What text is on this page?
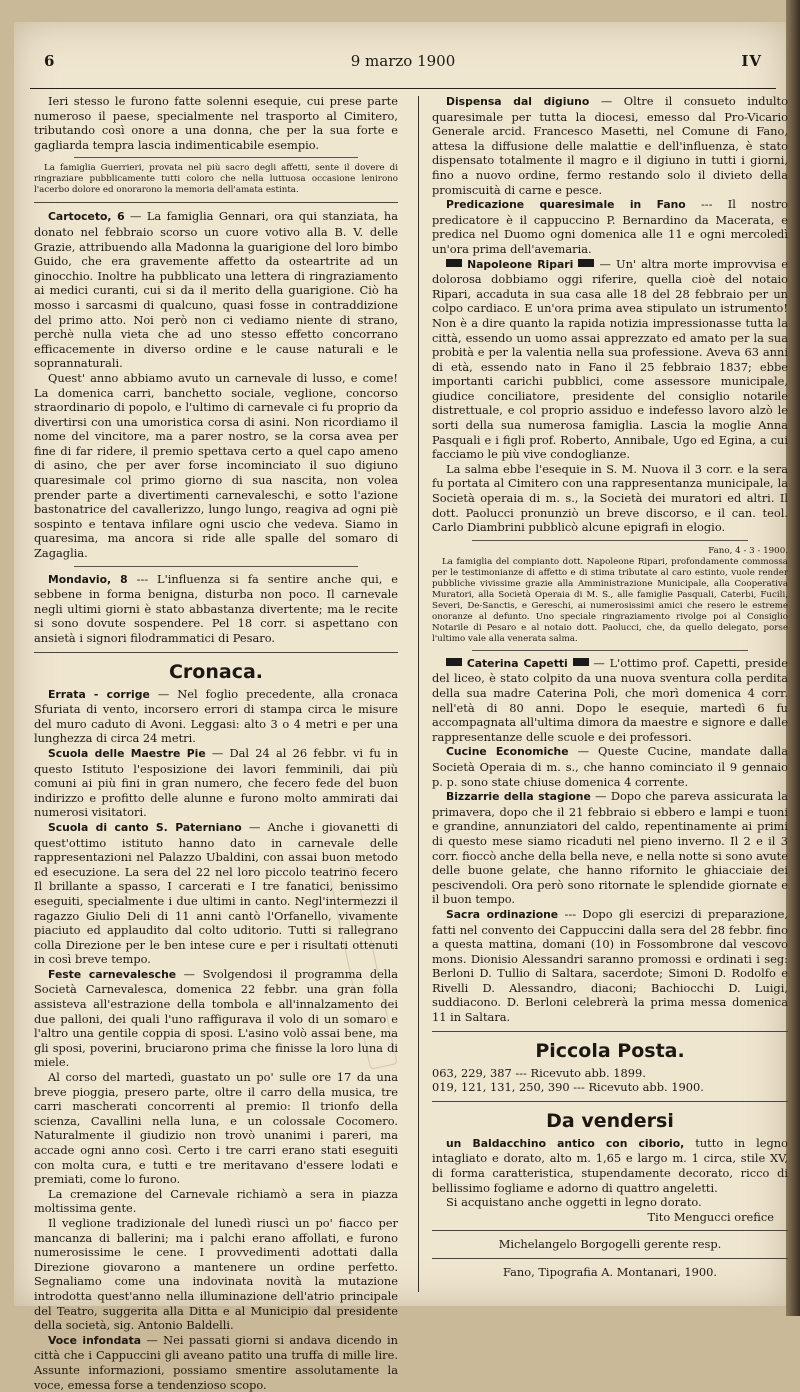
6	9 marzo 1900	IV

Ieri stesso le furono fatte solenni esequie, cui prese parte numeroso il paese, specialmente nel trasporto al Cimitero, tributando così onore a una donna, che per la sua forte e gagliarda tempra lascia indimenticabile esempio.

La famiglia Guerrieri, provata nel più sacro degli affetti, sente il dovere di ringraziare pubblicamente tutti coloro che nella luttuosa occasione lenirono l'acerbo dolore ed onorarono la memoria dell'amata estinta.

Cartoceto, 6 — La famiglia Gennari, ora qui stanziata, ha donato nel febbraio scorso un cuore votivo alla B. V. delle Grazie, attribuendo alla Madonna la guarigione del loro bimbo Guido, che era gravemente affetto da osteartrite ad un ginocchio. Inoltre ha pubblicato una lettera di ringraziamento ai medici curanti, cui si da il merito della guarigione. Ciò ha mosso i sarcasmi di qualcuno, quasi fosse in contraddizione del primo atto. Noi però non ci vediamo niente di strano, perchè nulla vieta che ad uno stesso effetto concorrano efficacemente in diverso ordine e le cause naturali e le soprannaturali.

Quest' anno abbiamo avuto un carnevale di lusso, e come! La domenica carri, banchetto sociale, veglione, concorso straordinario di popolo, e l'ultimo di carnevale ci fu proprio da divertirsi con una umoristica corsa di asini. Non ricordiamo il nome del vincitore, ma a parer nostro, se la corsa avea per fine di far ridere, il premio spettava certo a quel capo ameno di asino, che per aver forse incominciato il suo digiuno quaresimale col primo giorno di sua nascita, non volea prender parte a divertimenti carnevaleschi, e sotto l'azione bastonatrice del cavallerizzo, lungo lungo, reagiva ad ogni piè sospinto e tentava infilare ogni uscio che vedeva. Siamo in quaresima, ma ancora si ride alle spalle del somaro di Zagaglia.

Mondavio, 8 --- L'influenza si fa sentire anche qui, e sebbene in forma benigna, disturba non poco. Il carnevale negli ultimi giorni è stato abbastanza divertente; ma le recite si sono dovute sospendere. Pel 18 corr. si aspettano con ansietà i signori filodrammatici di Pesaro.

Cronaca.

Errata - corrige — Nel foglio precedente, alla cronaca Sfuriata di vento, incorsero errori di stampa circa le misure del muro caduto di Avoni. Leggasi: alto 3 o 4 metri e per una lunghezza di circa 24 metri.

Scuola delle Maestre Pie — Dal 24 al 26 febbr. vi fu in questo Istituto l'esposizione dei lavori femminili, dai più comuni ai più fini in gran numero, che fecero fede del buon indirizzo e profitto delle alunne e furono molto ammirati dai numerosi visitatori.

Scuola di canto S. Paterniano — Anche i giovanetti di quest'ottimo istituto hanno dato in carnevale delle rappresentazioni nel Palazzo Ubaldini, con assai buon metodo ed esecuzione. La sera del 22 nel loro piccolo teatrino fecero Il brillante a spasso, I carcerati e I tre fanatici, benissimo eseguiti, specialmente i due ultimi in canto. Negl'intermezzi il ragazzo Giulio Deli di 11 anni cantò l'Orfanello, vivamente piaciuto ed applaudito dal colto uditorio. Tutti si rallegrano colla Direzione per le ben intese cure e per i risultati ottenuti in così breve tempo.

Feste carnevalesche — Svolgendosi il programma della Società Carnevalesca, domenica 22 febbr. una gran folla assisteva all'estrazione della tombola e all'innalzamento dei due palloni, dei quali l'uno raffigurava il volo di un somaro e l'altro una gentile coppia di sposi. L'asino volò assai bene, ma gli sposi, poverini, bruciarono prima che finisse la loro luna di miele.

Al corso del martedì, guastato un po' sulle ore 17 da una breve pioggia, presero parte, oltre il carro della musica, tre carri mascherati concorrenti al premio: Il trionfo della scienza, Cavallini nella luna, e un colossale Cocomero. Naturalmente il giudizio non trovò unanimi i pareri, ma accade ogni anno così. Certo i tre carri erano stati eseguiti con molta cura, e tutti e tre meritavano d'essere lodati e premiati, come lo furono.

La cremazione del Carnevale richiamò a sera in piazza moltissima gente.

Il veglione tradizionale del lunedì riuscì un po' fiacco per mancanza di ballerini; ma i palchi erano affollati, e furono numerosissime le cene. I provvedimenti adottati dalla Direzione giovarono a mantenere un ordine perfetto. Segnaliamo come una indovinata novità la mutazione introdotta quest'anno nella illuminazione dell'atrio principale del Teatro, suggerita alla Ditta e al Municipio dal presidente della società, sig. Antonio Baldelli.

Voce infondata — Nei passati giorni si andava dicendo in città che i Cappuccini gli aveano patito una truffa di mille lire. Assunte informazioni, possiamo smentire assolutamente la voce, emessa forse a tendenzioso scopo.

Dispensa dal digiuno — Oltre il consueto indulto quaresimale per tutta la diocesi, emesso dal Pro-Vicario Generale arcid. Francesco Masetti, nel Comune di Fano, attesa la diffusione delle malattie e dell'influenza, è stato dispensato totalmente il magro e il digiuno in tutti i giorni, fino a nuovo ordine, fermo restando solo il divieto della promiscuità di carne e pesce.

Predicazione quaresimale in Fano --- Il nostro predicatore è il cappuccino P. Bernardino da Macerata, e predica nel Duomo ogni domenica alle 11 e ogni mercoledì un'ora prima dell'avemaria.

Napoleone Ripari — Un' altra morte improvvisa e dolorosa dobbiamo oggi riferire, quella cioè del notaio Ripari, accaduta in sua casa alle 18 del 28 febbraio per un colpo cardiaco. E un'ora prima avea stipulato un istrumento! Non è a dire quanto la rapida notizia impressionasse tutta la città, essendo un uomo assai apprezzato ed amato per la sua probità e per la valentia nella sua professione. Aveva 63 anni di età, essendo nato in Fano il 25 febbraio 1837; ebbe importanti carichi pubblici, come assessore municipale, giudice conciliatore, presidente del consiglio notarile distrettuale, e col proprio assiduo e indefesso lavoro alzò le sorti della sua numerosa famiglia. Lascia la moglie Anna Pasquali e i figli prof. Roberto, Annibale, Ugo ed Egina, a cui facciamo le più vive condoglianze.

La salma ebbe l'esequie in S. M. Nuova il 3 corr. e la sera fu portata al Cimitero con una rappresentanza municipale, la Società operaia di m. s., la Società dei muratori ed altri. Il dott. Paolucci pronunziò un breve discorso, e il can. teol. Carlo Diambrini pubblicò alcune epigrafi in elogio.

Fano, 4 - 3 - 1900.

La famiglia del compianto dott. Napoleone Ripari, profondamente commossa per le testimonianze di affetto e di stima tributate al caro estinto, vuole render pubbliche vivissime grazie alla Amministrazione Municipale, alla Cooperativa Muratori, alla Società Operaia di M. S., alle famiglie Pasquali, Caterbi, Fucili, Severi, De-Sanctis, e Gereschi, ai numerosissimi amici che resero le estreme onoranze al defunto. Uno speciale ringraziamento rivolge poi al Consiglio Notarile di Pesaro e al notaio dott. Paolucci, che, da quello delegato, porse l'ultimo vale alla venerata salma.

Caterina Capetti — L'ottimo prof. Capetti, preside del liceo, è stato colpito da una nuova sventura colla perdita della sua madre Caterina Poli, che morì domenica 4 corr. nell'età di 80 anni. Dopo le esequie, martedì 6 fu accompagnata all'ultima dimora da maestre e signore e dalle rappresentanze delle scuole e dei professori.

Cucine Economiche — Queste Cucine, mandate dalla Società Operaia di m. s., che hanno cominciato il 9 gennaio p. p. sono state chiuse domenica 4 corrente.

Bizzarrie della stagione — Dopo che pareva assicurata la primavera, dopo che il 21 febbraio si ebbero e lampi e tuoni e grandine, annunziatori del caldo, repentinamente ai primi di questo mese siamo ricaduti nel pieno inverno. Il 2 e il 3 corr. fioccò anche della bella neve, e nella notte si sono avute delle buone gelate, che hanno rifornito le ghiacciaie dei pescivendoli. Ora però sono ritornate le splendide giornate e il buon tempo.

Sacra ordinazione --- Dopo gli esercizi di preparazione, fatti nel convento dei Cappuccini dalla sera del 28 febbr. fino a questa mattina, domani (10) in Fossombrone dal vescovo mons. Dionisio Alessandri saranno promossi e ordinati i seg: Berloni D. Tullio di Saltara, sacerdote; Simoni D. Rodolfo e Rivelli D. Alessandro, diaconi; Bachiocchi D. Luigi, suddiacono. D. Berloni celebrerà la prima messa domenica 11 in Saltara.

Piccola Posta.

063, 229, 387 --- Ricevuto abb. 1899.

019, 121, 131, 250, 390 --- Ricevuto abb. 1900.

Da vendersi

un Baldacchino antico con ciborio, tutto in legno intagliato e dorato, alto m. 1,65 e largo m. 1 circa, stile XV, di forma caratteristica, stupendamente decorato, ricco di bellissimo fogliame e adorno di quattro angeletti.

Si acquistano anche oggetti in legno dorato.

Tito Mengucci orefice

Michelangelo Borgogelli gerente resp.

Fano, Tipografia A. Montanari, 1900.
